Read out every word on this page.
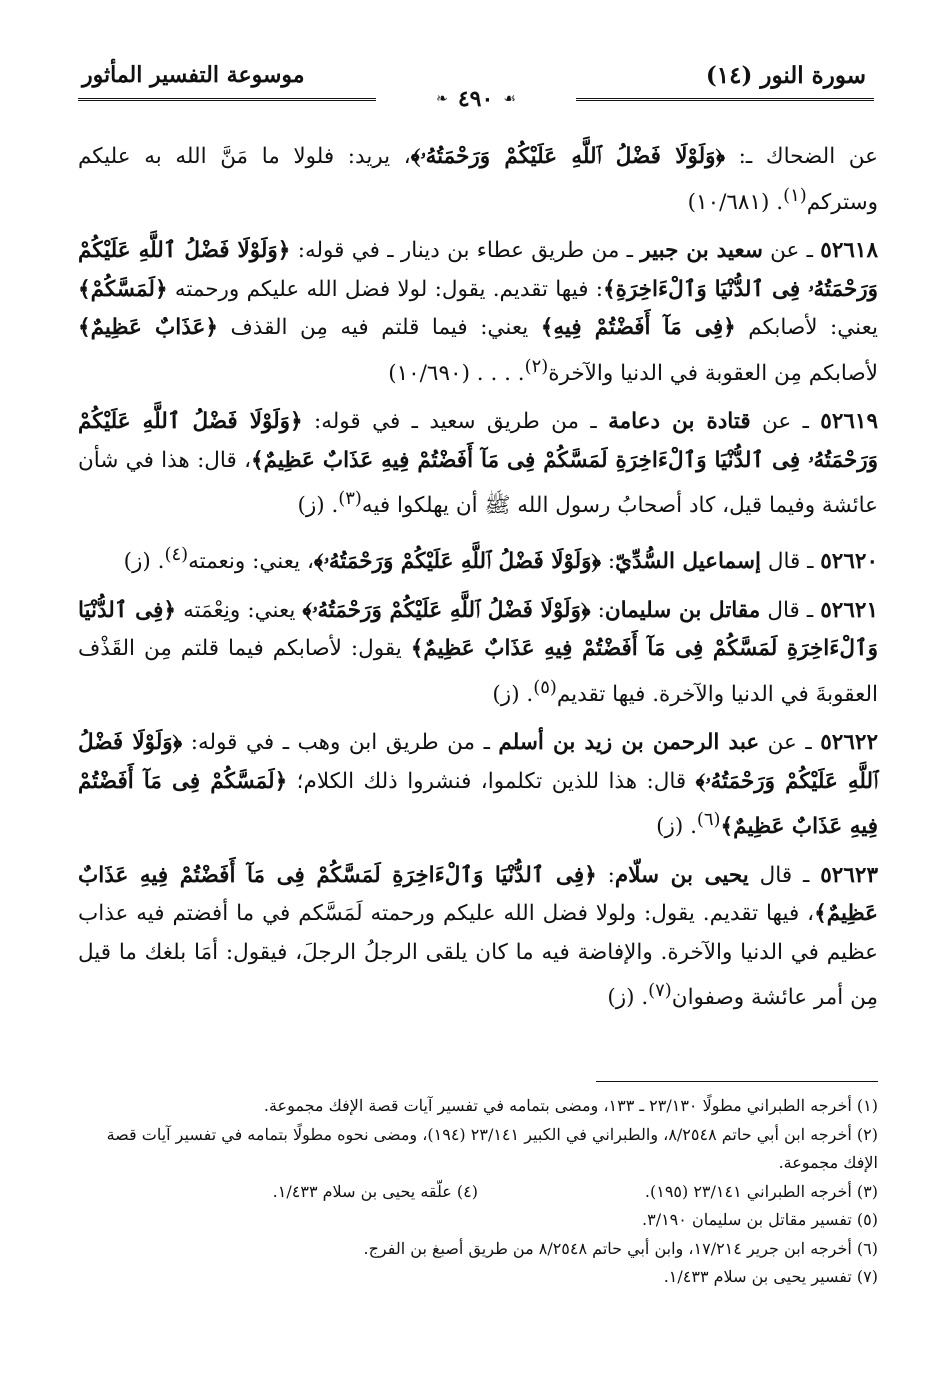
سورة النور (١٤)
موسوعة التفسير المأثور
❧ ٤٩٠ ☙

عن الضحاك ـ: ﴿وَلَوْلَا فَضْلُ ٱللَّهِ عَلَيْكُمْ وَرَحْمَتُهُۥ﴾، يريد: فلولا ما مَنَّ الله به عليكم وستركم$^{(١)}$. (١٠/٦٨١)

٥٢٦١٨ ـ عن سعيد بن جبير ـ من طريق عطاء بن دينار ـ في قوله: ﴿وَلَوْلَا فَضْلُ ٱللَّهِ عَلَيْكُمْ وَرَحْمَتُهُۥ فِى ٱلدُّنْيَا وَٱلْءَاخِرَةِ﴾: فيها تقديم. يقول: لولا فضل الله عليكم ورحمته ﴿لَمَسَّكُمْ﴾ يعني: لأصابكم ﴿فِى مَآ أَفَضْتُمْ فِيهِ﴾ يعني: فيما قلتم فيه مِن القذف ﴿عَذَابٌ عَظِيمٌ﴾ لأصابكم مِن العقوبة في الدنيا والآخرة$^{(٢)}$. . . . (١٠/٦٩٠)

٥٢٦١٩ ـ عن قتادة بن دعامة ـ من طريق سعيد ـ في قوله: ﴿وَلَوْلَا فَضْلُ ٱللَّهِ عَلَيْكُمْ وَرَحْمَتُهُۥ فِى ٱلدُّنْيَا وَٱلْءَاخِرَةِ لَمَسَّكُمْ فِى مَآ أَفَضْتُمْ فِيهِ عَذَابٌ عَظِيمٌ﴾، قال: هذا في شأن عائشة وفيما قيل، كاد أصحابُ رسول الله ﷺ أن يهلكوا فيه$^{(٣)}$. (ز)

٥٢٦٢٠ ـ قال إسماعيل السُّدِّيّ: ﴿وَلَوْلَا فَضْلُ ٱللَّهِ عَلَيْكُمْ وَرَحْمَتُهُۥ﴾، يعني: ونعمته$^{(٤)}$. (ز)

٥٢٦٢١ ـ قال مقاتل بن سليمان: ﴿وَلَوْلَا فَضْلُ ٱللَّهِ عَلَيْكُمْ وَرَحْمَتُهُۥ﴾ يعني: ونِعْمَته ﴿فِى ٱلدُّنْيَا وَٱلْءَاخِرَةِ لَمَسَّكُمْ فِى مَآ أَفَضْتُمْ فِيهِ عَذَابٌ عَظِيمٌ﴾ يقول: لأصابكم فيما قلتم مِن القَذْف العقوبةَ في الدنيا والآخرة. فيها تقديم$^{(٥)}$. (ز)

٥٢٦٢٢ ـ عن عبد الرحمن بن زيد بن أسلم ـ من طريق ابن وهب ـ في قوله: ﴿وَلَوْلَا فَضْلُ ٱللَّهِ عَلَيْكُمْ وَرَحْمَتُهُۥ﴾ قال: هذا للذين تكلموا، فنشروا ذلك الكلام؛ ﴿لَمَسَّكُمْ فِى مَآ أَفَضْتُمْ فِيهِ عَذَابٌ عَظِيمٌ﴾$^{(٦)}$. (ز)

٥٢٦٢٣ ـ قال يحيى بن سلّام: ﴿فِى ٱلدُّنْيَا وَٱلْءَاخِرَةِ لَمَسَّكُمْ فِى مَآ أَفَضْتُمْ فِيهِ عَذَابٌ عَظِيمٌ﴾، فيها تقديم. يقول: ولولا فضل الله عليكم ورحمته لَمَسَّكم في ما أفضتم فيه عذاب عظيم في الدنيا والآخرة. والإفاضة فيه ما كان يلقى الرجلُ الرجلَ، فيقول: أمَا بلغك ما قيل مِن أمر عائشة وصفوان$^{(٧)}$. (ز)

(١) أخرجه الطبراني مطولًا ٢٣/١٣٠ ـ ١٣٣، ومضى بتمامه في تفسير آيات قصة الإفك مجموعة.

(٢) أخرجه ابن أبي حاتم ٨/٢٥٤٨، والطبراني في الكبير ٢٣/١٤١ (١٩٤)، ومضى نحوه مطولًا بتمامه في تفسير آيات قصة الإفك مجموعة.

(٣) أخرجه الطبراني ٢٣/١٤١ (١٩٥).

(٤) علّقه يحيى بن سلام ١/٤٣٣.

(٥) تفسير مقاتل بن سليمان ٣/١٩٠.

(٦) أخرجه ابن جرير ١٧/٢١٤، وابن أبي حاتم ٨/٢٥٤٨ من طريق أصبغ بن الفرج.

(٧) تفسير يحيى بن سلام ١/٤٣٣.
